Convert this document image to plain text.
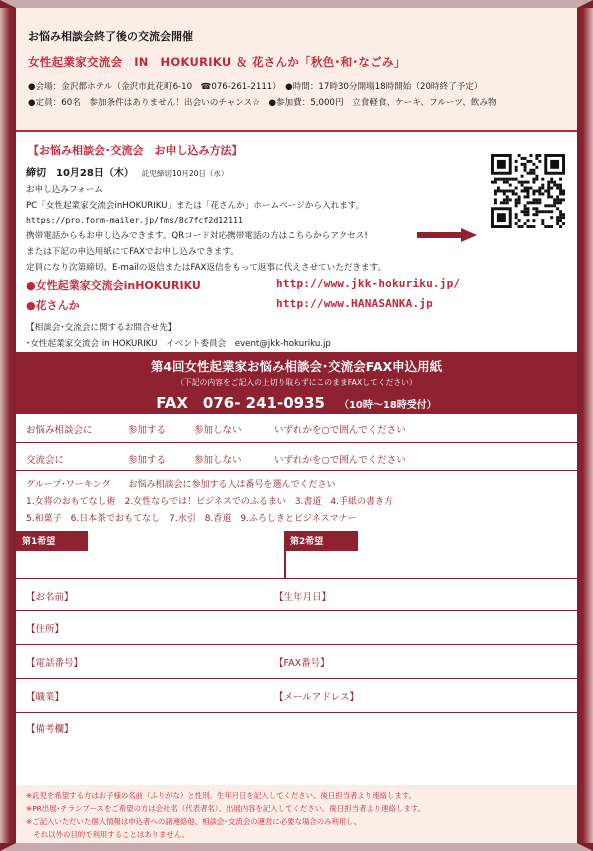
お悩み相談会終了後の交流会開催
女性起業家交流会　IN　HOKURIKU ＆ 花さんか「秋色･和･なごみ」
●会場：金沢都ホテル（金沢市此花町6-10　☎076-261-2111）　●時間：17時30分開場18時開始（20時終了予定）
●定員：60名　参加条件はありません！出会いのチャンス☆　●参加費：5,000円　立食軽食、ケーキ、フルーツ、飲み物
【お悩み相談会･交流会　お申し込み方法】
締切　10月28日（木） 託児締切10月20日（水）
お申し込みフォーム
PC「女性起業家交流会inHOKURIKU」または「花さんか」ホームページから入れます。
https://pro.form-mailer.jp/fms/8c7fcf2d12111
携帯電話からもお申し込みできます。QRコード対応携帯電話の方はこちらからアクセス!
または下記の申込用紙にてFAXでお申し込みできます。
定員になり次第締切、E-mailの返信またはFAX返信をもって返事に代えさせていただきます。
●女性起業家交流会inHOKURIKU	http://www.jkk-hokuriku.jp/
●花さんか	http://www.HANASANKA.jp
【相談会･交流会に関するお問合せ先】
･女性起業家交流会 in HOKURIKU　イベント委員会　event@jkk-hokuriku.jp
第4回女性起業家お悩み相談会･交流会FAX申込用紙
（下記の内容をご記入の上切り取らずにこのままFAXしてください）
FAX　076- 241-0935 （10時～18時受付）
お悩み相談会に	参加する	参加しない	いずれかを○で囲んでください
交流会に	参加する	参加しない	いずれかを○で囲んでください
グループ･ワーキング　　お悩み相談会に参加する人は番号を選んでください
1.女将のおもてなし術　2.女性ならでは！ビジネスでのふるまい　3.書道　4.手紙の書き方
5.和菓子　6.日本茶でおもてなし　7.水引　8.香道　9.ふろしきとビジネスマナー
第1希望	第2希望
【お名前】	【生年月日】
【住所】
【電話番号】	【FAX番号】
【職業】	【メールアドレス】
【備考欄】
※託児を希望する方はお子様の名前（ふりがな）と性別、生年月日を記入してください。後日担当者より連絡します。
※PR出展･チラシブースをご希望の方は会社名（代表者名）、出展内容を記入してください。後日担当者より連絡します。
※ご記入いただいた個人情報は申込者への諸連絡他、相談会･交流会の運営に必要な場合のみ利用し、
　それ以外の目的で利用することはありません。
